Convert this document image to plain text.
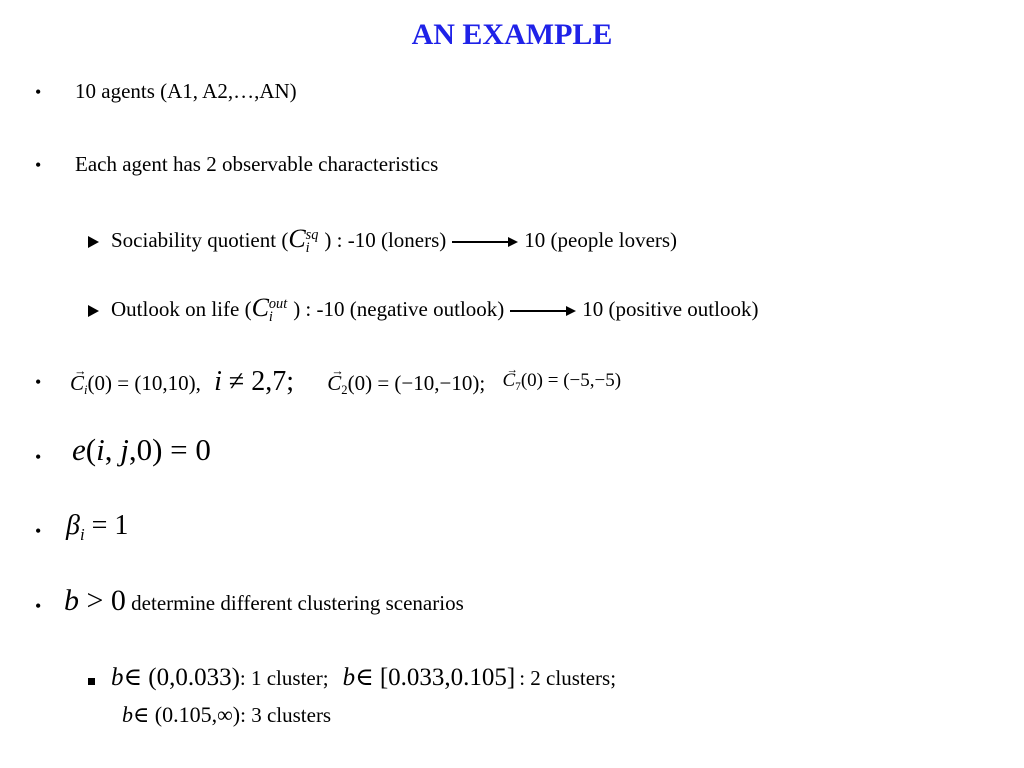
AN EXAMPLE
• 10 agents (A1, A2,…,AN)
• Each agent has 2 observable characteristics
Sociability quotient (C sq
i ) : -10 (loners)	10 (people lovers)
Outlook on life (C out
i ) : -10 (negative outlook)	10 (positive outlook)
• → $C_i(0) = (10,10)$, i ≠ 2,7; → $C_2(0) = (-10,-10)$; → $C_7(0) = (-5,-5)$
• e(i, j,0) = 0
• $\beta_i = 1$
• b > 0 determine different clustering scenarios
b∈ (0,0.033): 1 cluster; b∈ [0.033,0.105] : 2 clusters;
b∈ (0.105,∞): 3 clusters
